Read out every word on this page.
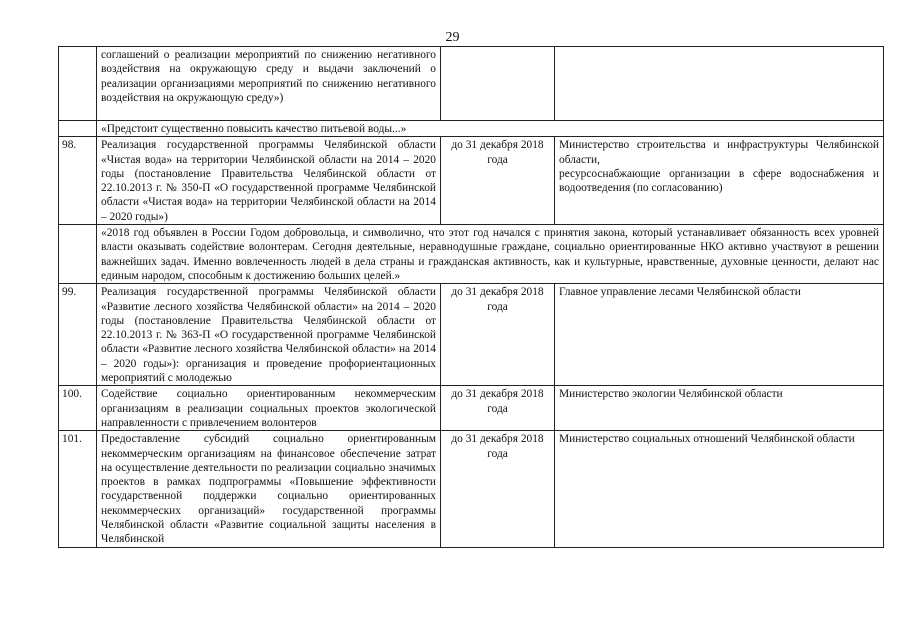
29
	соглашений о реализации мероприятий по снижению негативного воздействия на окружающую среду и выдачи заключений о реализации организациями мероприятий по снижению негативного воздействия на окружающую среду»)		
	«Предстоит существенно повысить качество питьевой воды...»		
98.	Реализация государственной программы Челябинской области «Чистая вода» на территории Челябинской области на 2014 – 2020 годы (постановление Правительства Челябинской области от 22.10.2013 г. № 350-П «О государственной программе Челябинской области «Чистая вода» на территории Челябинской области на 2014 – 2020 годы»)	до 31 декабря 2018 года	Министерство строительства и инфраструктуры Челябинской области,
ресурсоснабжающие организации в сфере водоснабжения и водоотведения (по согласованию)

	«2018 год объявлен в России Годом добровольца, и символично, что этот год начался с принятия закона, который устанавливает обязанность всех уровней власти оказывать содействие волонтерам. Сегодня деятельные, неравнодушные граждане, социально ориентированные НКО активно участвуют в решении важнейших задач. Именно вовлеченность людей в дела страны и гражданская активность, как и культурные, нравственные, духовные ценности, делают нас единым народом, способным к достижению больших целей.»		
99.	Реализация государственной программы Челябинской области «Развитие лесного хозяйства Челябинской области» на 2014 – 2020 годы (постановление Правительства Челябинской области от 22.10.2013 г. № 363-П «О государственной программе Челябинской области «Развитие лесного хозяйства Челябинской области» на 2014 – 2020 годы»): организация и проведение профориентационных мероприятий с молодежью	до 31 декабря 2018 года	Главное управление лесами Челябинской области
100.	Содействие социально ориентированным некоммерческим организациям в реализации социальных проектов экологической направленности с привлечением волонтеров	до 31 декабря 2018 года	Министерство экологии Челябинской области
101.	Предоставление субсидий социально ориентированным некоммерческим организациям на финансовое обеспечение затрат на осуществление деятельности по реализации социально значимых проектов в рамках подпрограммы «Повышение эффективности государственной поддержки социально ориентированных некоммерческих организаций» государственной программы Челябинской области «Развитие социальной защиты населения в Челябинской	до 31 декабря 2018 года	Министерство социальных отношений Челябинской области
